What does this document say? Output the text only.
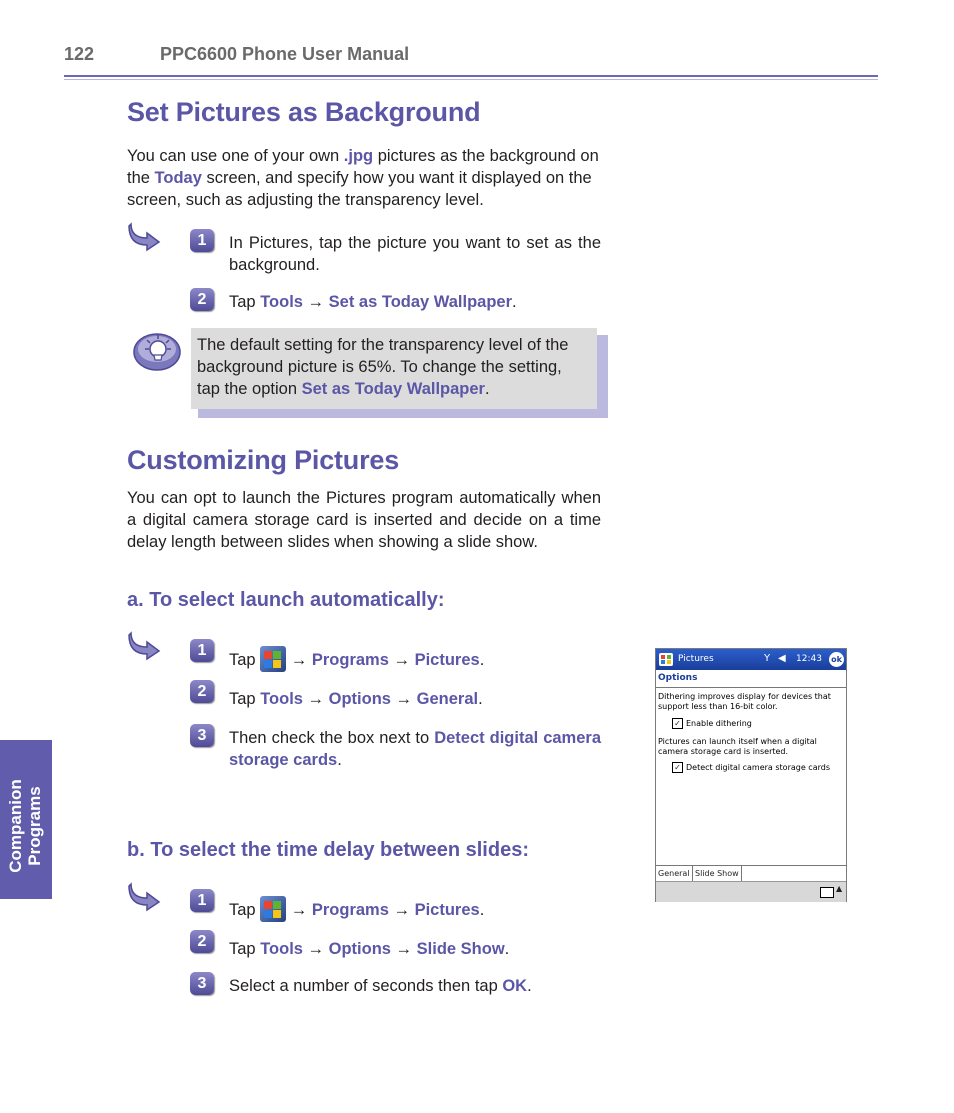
122	PPC6600 Phone User Manual
Set Pictures as Background
You can use one of your own .jpg pictures as the background on the Today screen, and specify how you want it displayed on the screen, such as adjusting the transparency level.
1	In Pictures, tap the picture you want to set as the background.
2	Tap Tools → Set as Today Wallpaper.
The default setting for the transparency level of the background picture is 65%. To change the setting, tap the option Set as Today Wallpaper.
Customizing Pictures
You can opt to launch the Pictures program automatically when a digital camera storage card is inserted and decide on a time delay length between slides when showing a slide show.
a. To select launch automatically:
1
Tap
→ Programs → Pictures.
2	Tap Tools → Options → General.
3	Then check the box next to Detect digital camera storage cards.
b. To select the time delay between slides:
1
Tap
→ Programs → Pictures.
2	Tap Tools → Options → Slide Show.
3	Select a number of seconds then tap OK.
Companion Programs
Pictures	Y ◀ 12:43 ok
Options
Dithering improves display for devices that support less than 16-bit color.
✓ Enable dithering
Pictures can launch itself when a digital camera storage card is inserted.
✓ Detect digital camera storage cards
General Slide Show
▲
